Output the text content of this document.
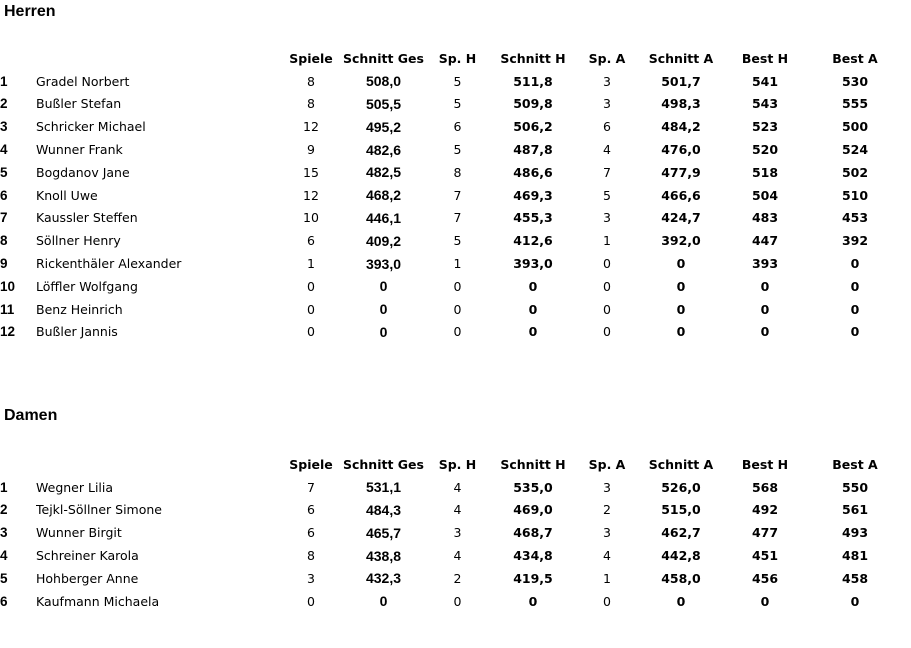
Herren
		Spiele	Schnitt Ges	Sp. H	Schnitt H	Sp. A	Schnitt A	Best H	Best A
1	Gradel Norbert	8	508,0	5	511,8	3	501,7	541	530
2	Bußler Stefan	8	505,5	5	509,8	3	498,3	543	555
3	Schricker Michael	12	495,2	6	506,2	6	484,2	523	500
4	Wunner Frank	9	482,6	5	487,8	4	476,0	520	524
5	Bogdanov Jane	15	482,5	8	486,6	7	477,9	518	502
6	Knoll Uwe	12	468,2	7	469,3	5	466,6	504	510
7	Kaussler Steffen	10	446,1	7	455,3	3	424,7	483	453
8	Söllner Henry	6	409,2	5	412,6	1	392,0	447	392
9	Rickenthäler Alexander	1	393,0	1	393,0	0	0	393	0
10	Löffler Wolfgang	0	0	0	0	0	0	0	0
11	Benz Heinrich	0	0	0	0	0	0	0	0
12	Bußler Jannis	0	0	0	0	0	0	0	0
Damen
		Spiele	Schnitt Ges	Sp. H	Schnitt H	Sp. A	Schnitt A	Best H	Best A
1	Wegner Lilia	7	531,1	4	535,0	3	526,0	568	550
2	Tejkl-Söllner Simone	6	484,3	4	469,0	2	515,0	492	561
3	Wunner Birgit	6	465,7	3	468,7	3	462,7	477	493
4	Schreiner Karola	8	438,8	4	434,8	4	442,8	451	481
5	Hohberger Anne	3	432,3	2	419,5	1	458,0	456	458
6	Kaufmann Michaela	0	0	0	0	0	0	0	0
